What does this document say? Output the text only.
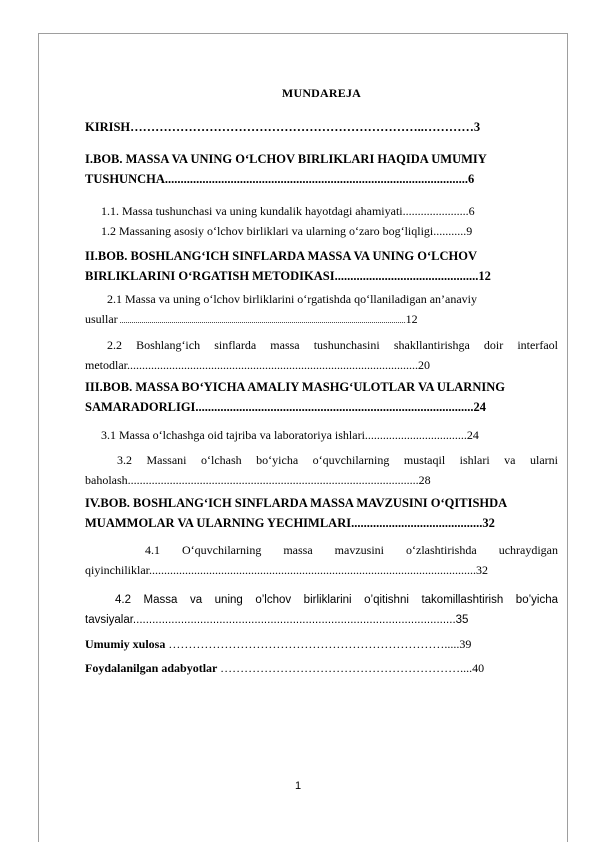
MUNDAREJA
KIRISH……………………………………………………………..…………3
I.BOB. MASSA VA UNING O‘LCHOV BIRLIKLARI HAQIDA UMUMIY TUSHUNCHA.................................................................................................6
1.1. Massa tushunchasi va uning kundalik hayotdagi ahamiyati......................6
1.2 Massaning asosiy o‘lchov birliklari va ularning o‘zaro bog‘liqligi...........9
II.BOB. BOSHLANG‘ICH SINFLARDA MASSA VA UNING O‘LCHOV BIRLIKLARINI O‘RGATISH METODIKASI..............................................12
2.1 Massa va uning o‘lchov birliklarini o‘rgatishda qo‘llaniladigan an’anaviy
usullar ...............................................................................................................................................12
2.2 Boshlang‘ich sinflarda massa tushunchasini shakllantirishga doir interfaol metodlar.................................................................................................20
III.BOB. MASSA BO‘YICHA AMALIY MASHG‘ULOTLAR VA ULARNING SAMARADORLIGI.........................................................................................24
3.1 Massa o‘lchashga oid tajriba va laboratoriya ishlari..................................24
3.2 Massani o‘lchash bo‘yicha o‘quvchilarning mustaqil ishlari va ularni baholash.................................................................................................28
IV.BOB. BOSHLANG‘ICH SINFLARDA MASSA MAVZUSINI O‘QITISHDA MUAMMOLAR VA ULARNING YECHIMLARI..........................................32
4.1 O‘quvchilarning massa mavzusini o‘zlashtirishda uchraydigan qiyinchiliklar.............................................................................................................32
4.2 Massa va uning o’lchov birliklarini o’qitishni takomillashtirish bo’yicha tavsiyalar.....................................................................................................35
Umumiy xulosa …………………………………………………………….....39
Foydalanilgan adabyotlar ……………………………………………………....40
1
